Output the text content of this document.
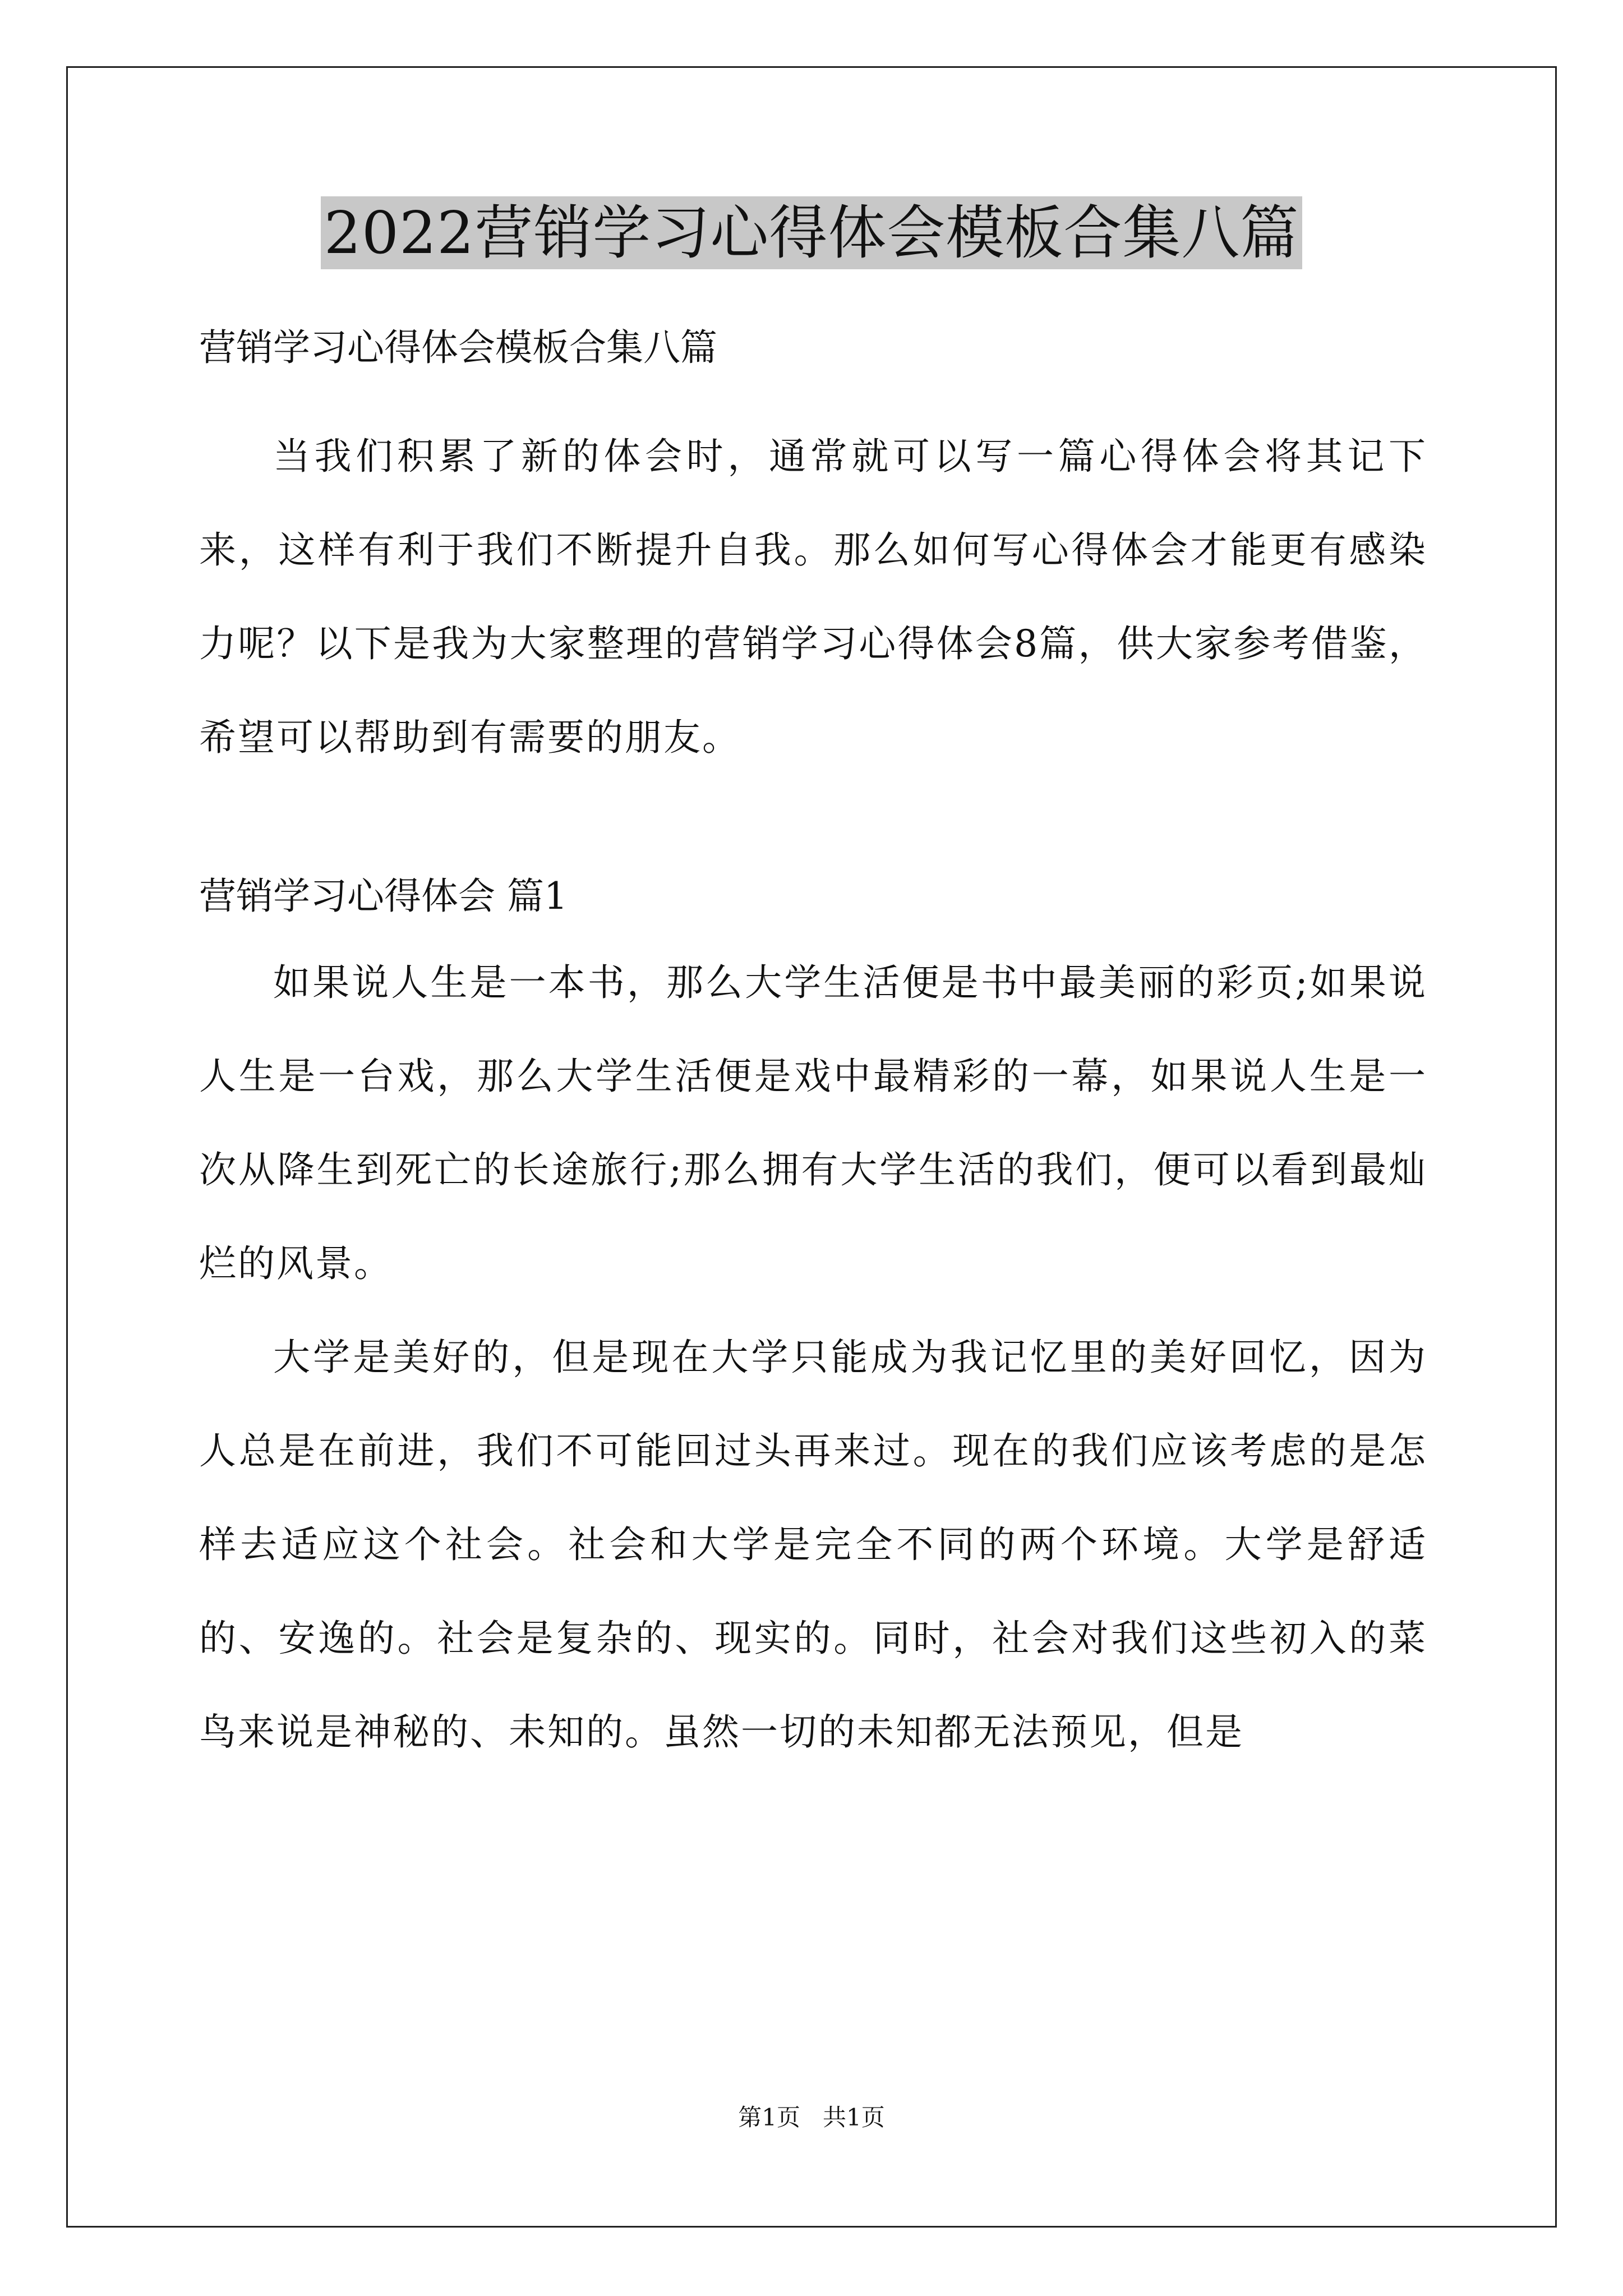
2022营销学习心得体会模板合集八篇
营销学习心得体会模板合集八篇

当我们积累了新的体会时，通常就可以写一篇心得体会将其记下来，这样有利于我们不断提升自我。那么如何写心得体会才能更有感染力呢？以下是我为大家整理的营销学习心得体会8篇，供大家参考借鉴，希望可以帮助到有需要的朋友。

营销学习心得体会 篇1

如果说人生是一本书，那么大学生活便是书中最美丽的彩页;如果说人生是一台戏，那么大学生活便是戏中最精彩的一幕，如果说人生是一次从降生到死亡的长途旅行;那么拥有大学生活的我们，便可以看到最灿烂的风景。

大学是美好的，但是现在大学只能成为我记忆里的美好回忆，因为人总是在前进，我们不可能回过头再来过。现在的我们应该考虑的是怎样去适应这个社会。社会和大学是完全不同的两个环境。大学是舒适的、安逸的。社会是复杂的、现实的。同时，社会对我们这些初入的菜鸟来说是神秘的、未知的。虽然一切的未知都无法预见，但是

第1页   共1页
